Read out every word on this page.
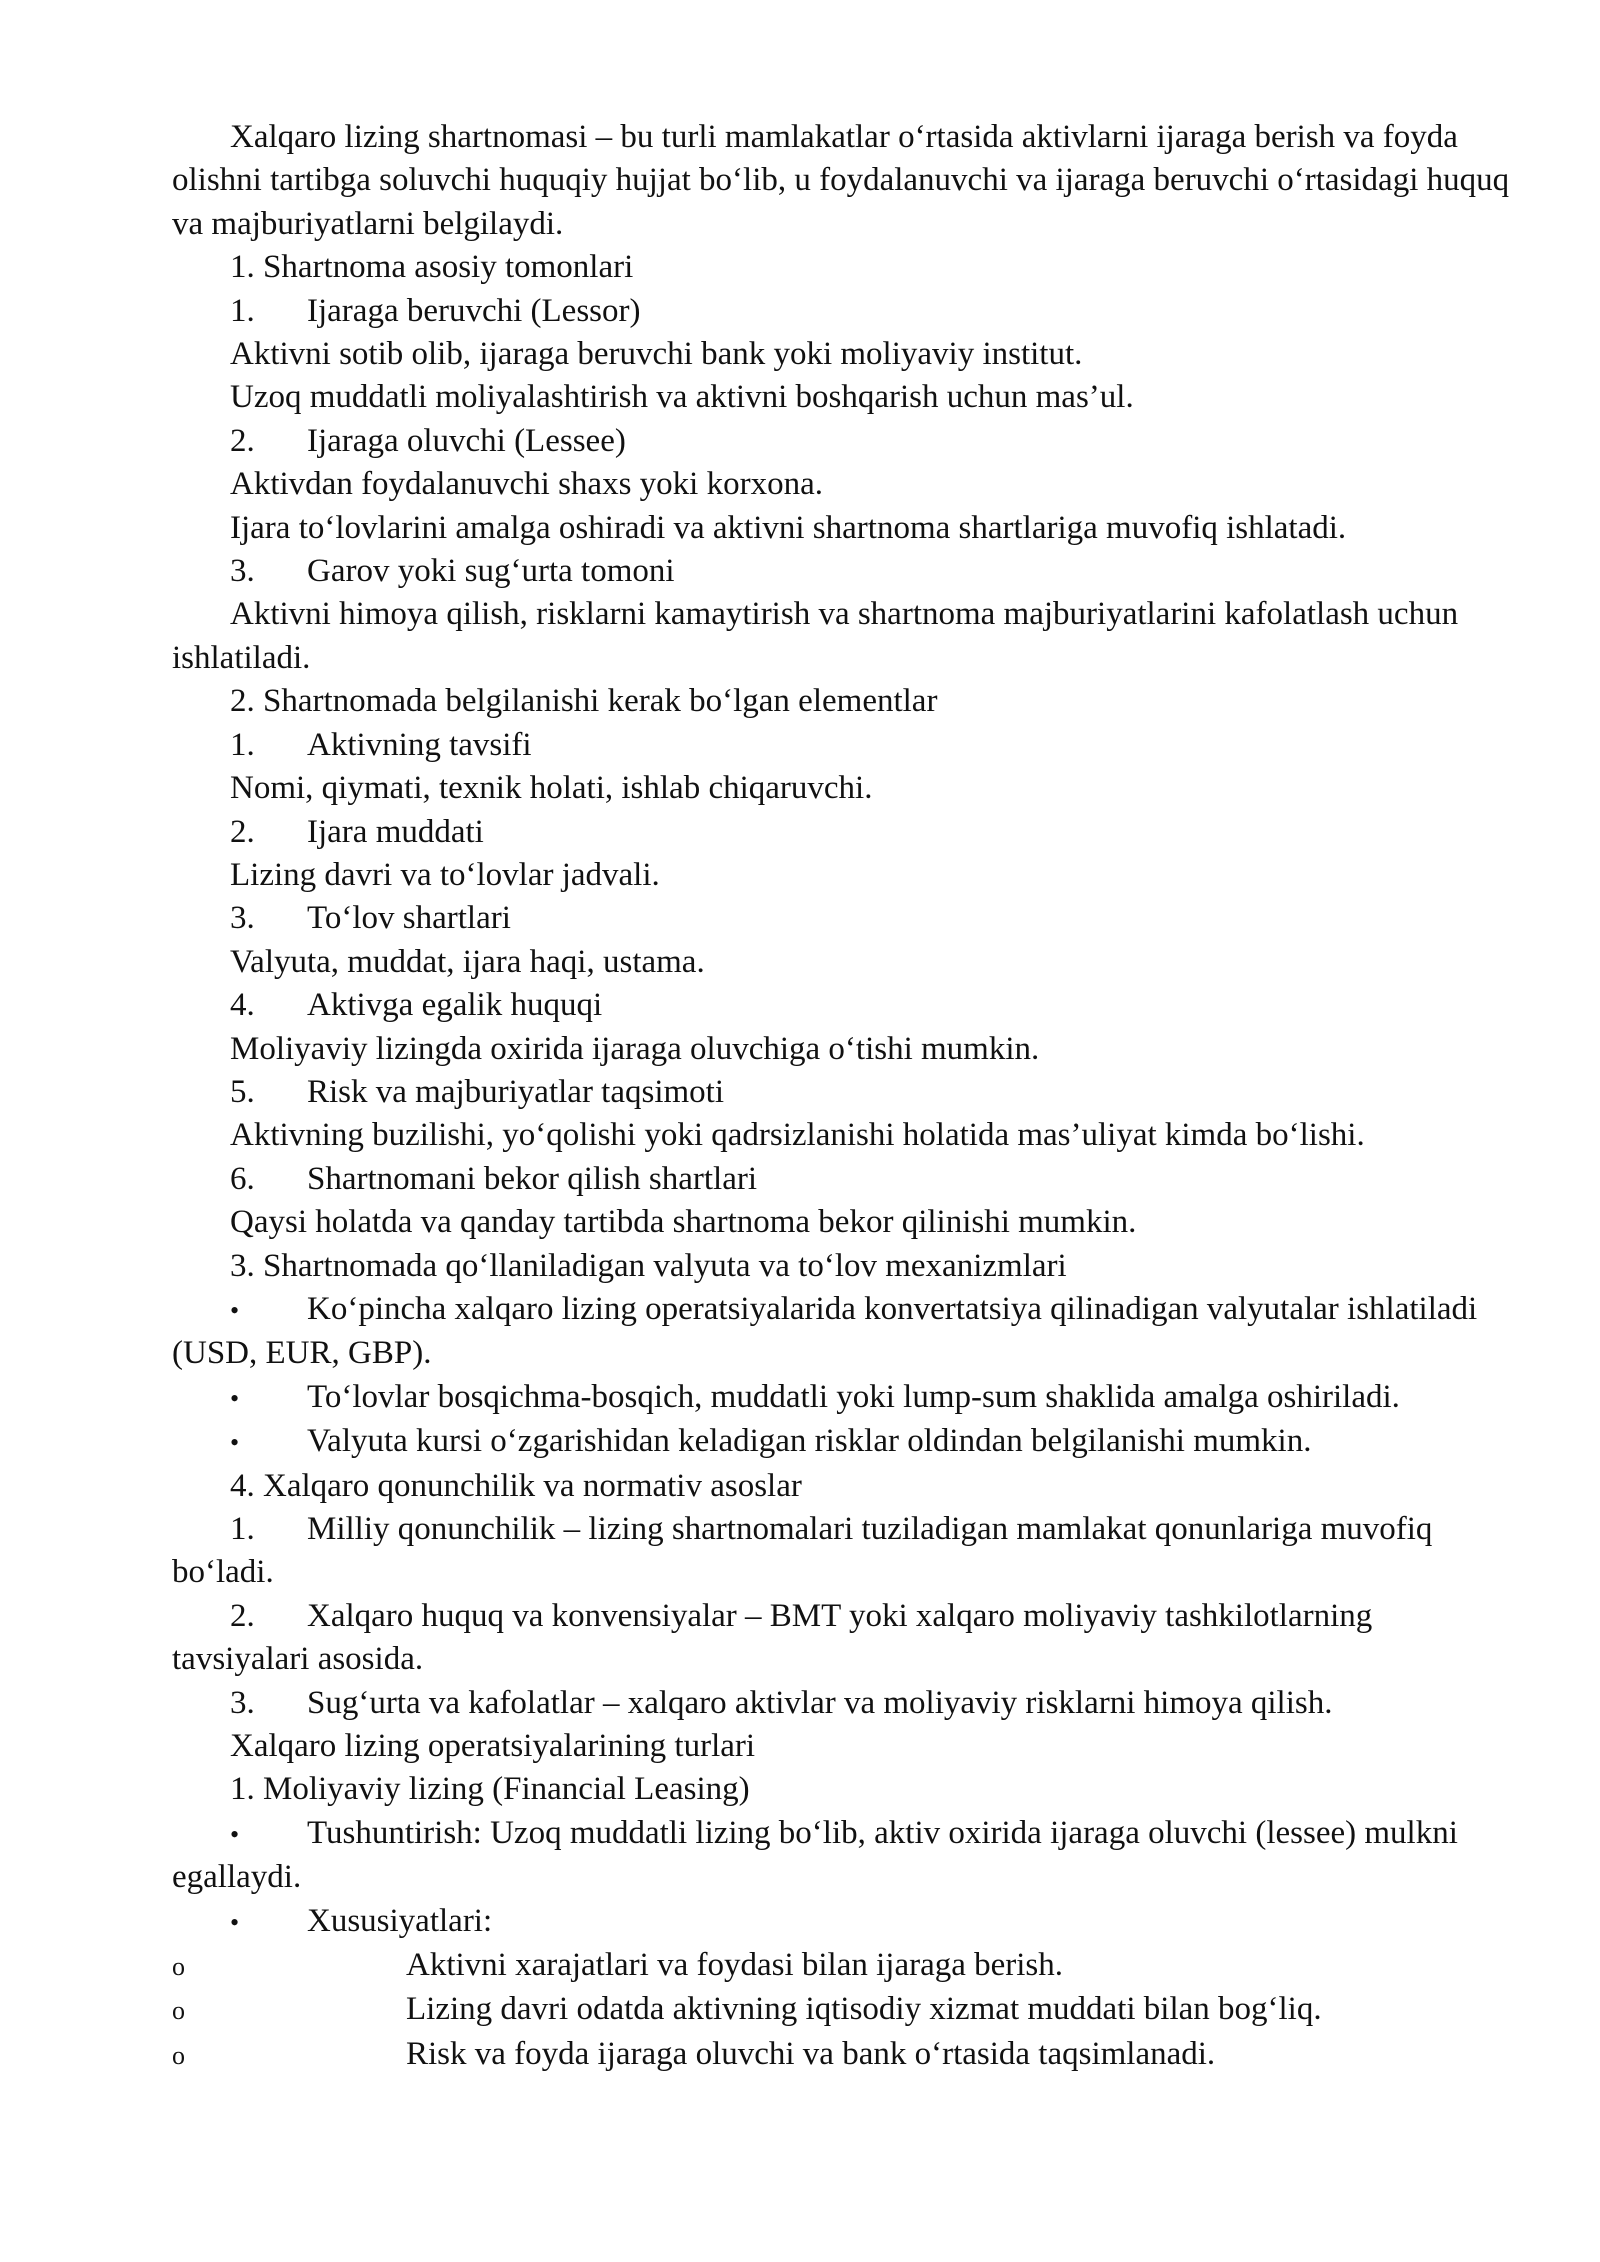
Xalqaro lizing shartnomasi – bu turli mamlakatlar o‘rtasida aktivlarni ijaraga berish va foyda olishni tartibga soluvchi huquqiy hujjat bo‘lib, u foydalanuvchi va ijaraga beruvchi o‘rtasidagi huquq va majburiyatlarni belgilaydi.

1. Shartnoma asosiy tomonlari

1. Ijaraga beruvchi (Lessor)

Aktivni sotib olib, ijaraga beruvchi bank yoki moliyaviy institut.

Uzoq muddatli moliyalashtirish va aktivni boshqarish uchun mas’ul.

2. Ijaraga oluvchi (Lessee)

Aktivdan foydalanuvchi shaxs yoki korxona.

Ijara to‘lovlarini amalga oshiradi va aktivni shartnoma shartlariga muvofiq ishlatadi.

3. Garov yoki sug‘urta tomoni

Aktivni himoya qilish, risklarni kamaytirish va shartnoma majburiyatlarini kafolatlash uchun ishlatiladi.

2. Shartnomada belgilanishi kerak bo‘lgan elementlar

1. Aktivning tavsifi

Nomi, qiymati, texnik holati, ishlab chiqaruvchi.

2. Ijara muddati

Lizing davri va to‘lovlar jadvali.

3. To‘lov shartlari

Valyuta, muddat, ijara haqi, ustama.

4. Aktivga egalik huquqi

Moliyaviy lizingda oxirida ijaraga oluvchiga o‘tishi mumkin.

5. Risk va majburiyatlar taqsimoti

Aktivning buzilishi, yo‘qolishi yoki qadrsizlanishi holatida mas’uliyat kimda bo‘lishi.

6. Shartnomani bekor qilish shartlari

Qaysi holatda va qanday tartibda shartnoma bekor qilinishi mumkin.

3. Shartnomada qo‘llaniladigan valyuta va to‘lov mexanizmlari

• Ko‘pincha xalqaro lizing operatsiyalarida konvertatsiya qilinadigan valyutalar ishlatiladi (USD, EUR, GBP).

• To‘lovlar bosqichma-bosqich, muddatli yoki lump-sum shaklida amalga oshiriladi.

• Valyuta kursi o‘zgarishidan keladigan risklar oldindan belgilanishi mumkin.

4. Xalqaro qonunchilik va normativ asoslar

1. Milliy qonunchilik – lizing shartnomalari tuziladigan mamlakat qonunlariga muvofiq bo‘ladi.

2. Xalqaro huquq va konvensiyalar – BMT yoki xalqaro moliyaviy tashkilotlarning tavsiyalari asosida.

3. Sug‘urta va kafolatlar – xalqaro aktivlar va moliyaviy risklarni himoya qilish.

Xalqaro lizing operatsiyalarining turlari

1. Moliyaviy lizing (Financial Leasing)

• Tushuntirish: Uzoq muddatli lizing bo‘lib, aktiv oxirida ijaraga oluvchi (lessee) mulkni egallaydi.

• Xususiyatlari:

o	Aktivni xarajatlari va foydasi bilan ijaraga berish.

o	Lizing davri odatda aktivning iqtisodiy xizmat muddati bilan bog‘liq.

o	Risk va foyda ijaraga oluvchi va bank o‘rtasida taqsimlanadi.
